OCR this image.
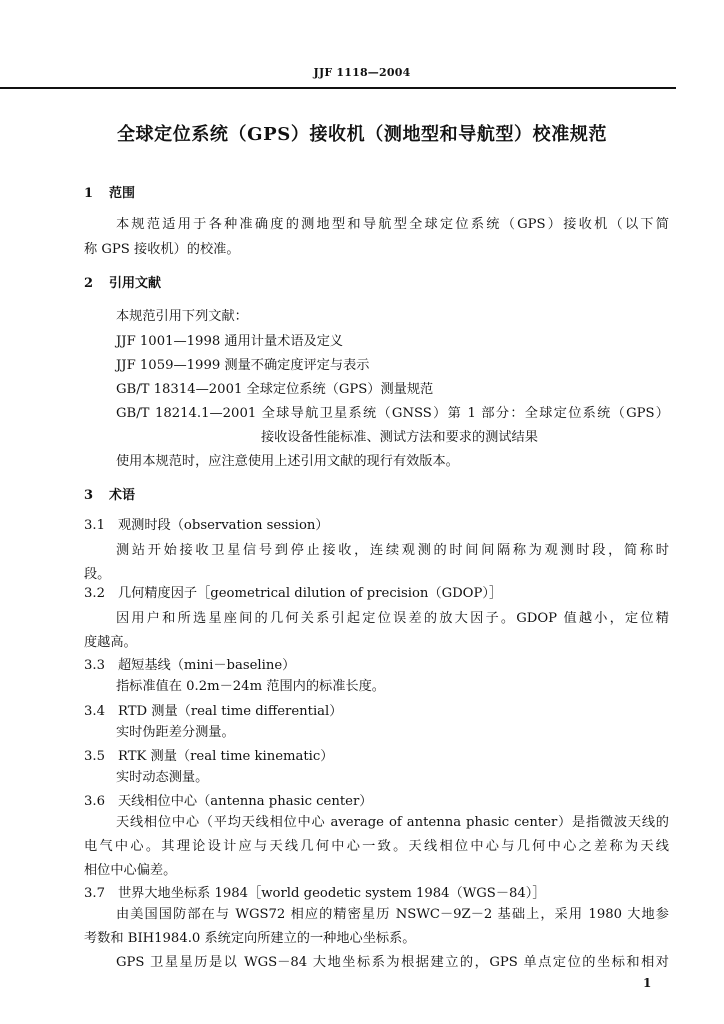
JJF 1118—2004
全球定位系统（GPS）接收机（测地型和导航型）校准规范
1 范围
本规范适用于各种准确度的测地型和导航型全球定位系统（GPS）接收机（以下简
称 GPS 接收机）的校准。
2 引用文献
本规范引用下列文献：
JJF 1001—1998 通用计量术语及定义
JJF 1059—1999 测量不确定度评定与表示
GB/T 18314—2001 全球定位系统（GPS）测量规范
GB/T 18214.1—2001 全球导航卫星系统（GNSS）第 1 部分：全球定位系统（GPS）
接收设备性能标准、测试方法和要求的测试结果
使用本规范时，应注意使用上述引用文献的现行有效版本。
3 术语
3.1 观测时段（observation session）
测站开始接收卫星信号到停止接收，连续观测的时间间隔称为观测时段，简称时
段。
3.2 几何精度因子［geometrical dilution of precision（GDOP）］
因用户和所选星座间的几何关系引起定位误差的放大因子。GDOP 值越小，定位精
度越高。
3.3 超短基线（mini－baseline）
指标准值在 0.2m－24m 范围内的标准长度。
3.4 RTD 测量（real time differential）
实时伪距差分测量。
3.5 RTK 测量（real time kinematic）
实时动态测量。
3.6 天线相位中心（antenna phasic center）
天线相位中心（平均天线相位中心 average of antenna phasic center）是指微波天线的
电气中心。其理论设计应与天线几何中心一致。天线相位中心与几何中心之差称为天线
相位中心偏差。
3.7 世界大地坐标系 1984［world geodetic system 1984（WGS－84）］
由美国国防部在与 WGS72 相应的精密星历 NSWC－9Z－2 基础上，采用 1980 大地参
考数和 BIH1984.0 系统定向所建立的一种地心坐标系。
GPS 卫星星历是以 WGS－84 大地坐标系为根据建立的，GPS 单点定位的坐标和相对
1
